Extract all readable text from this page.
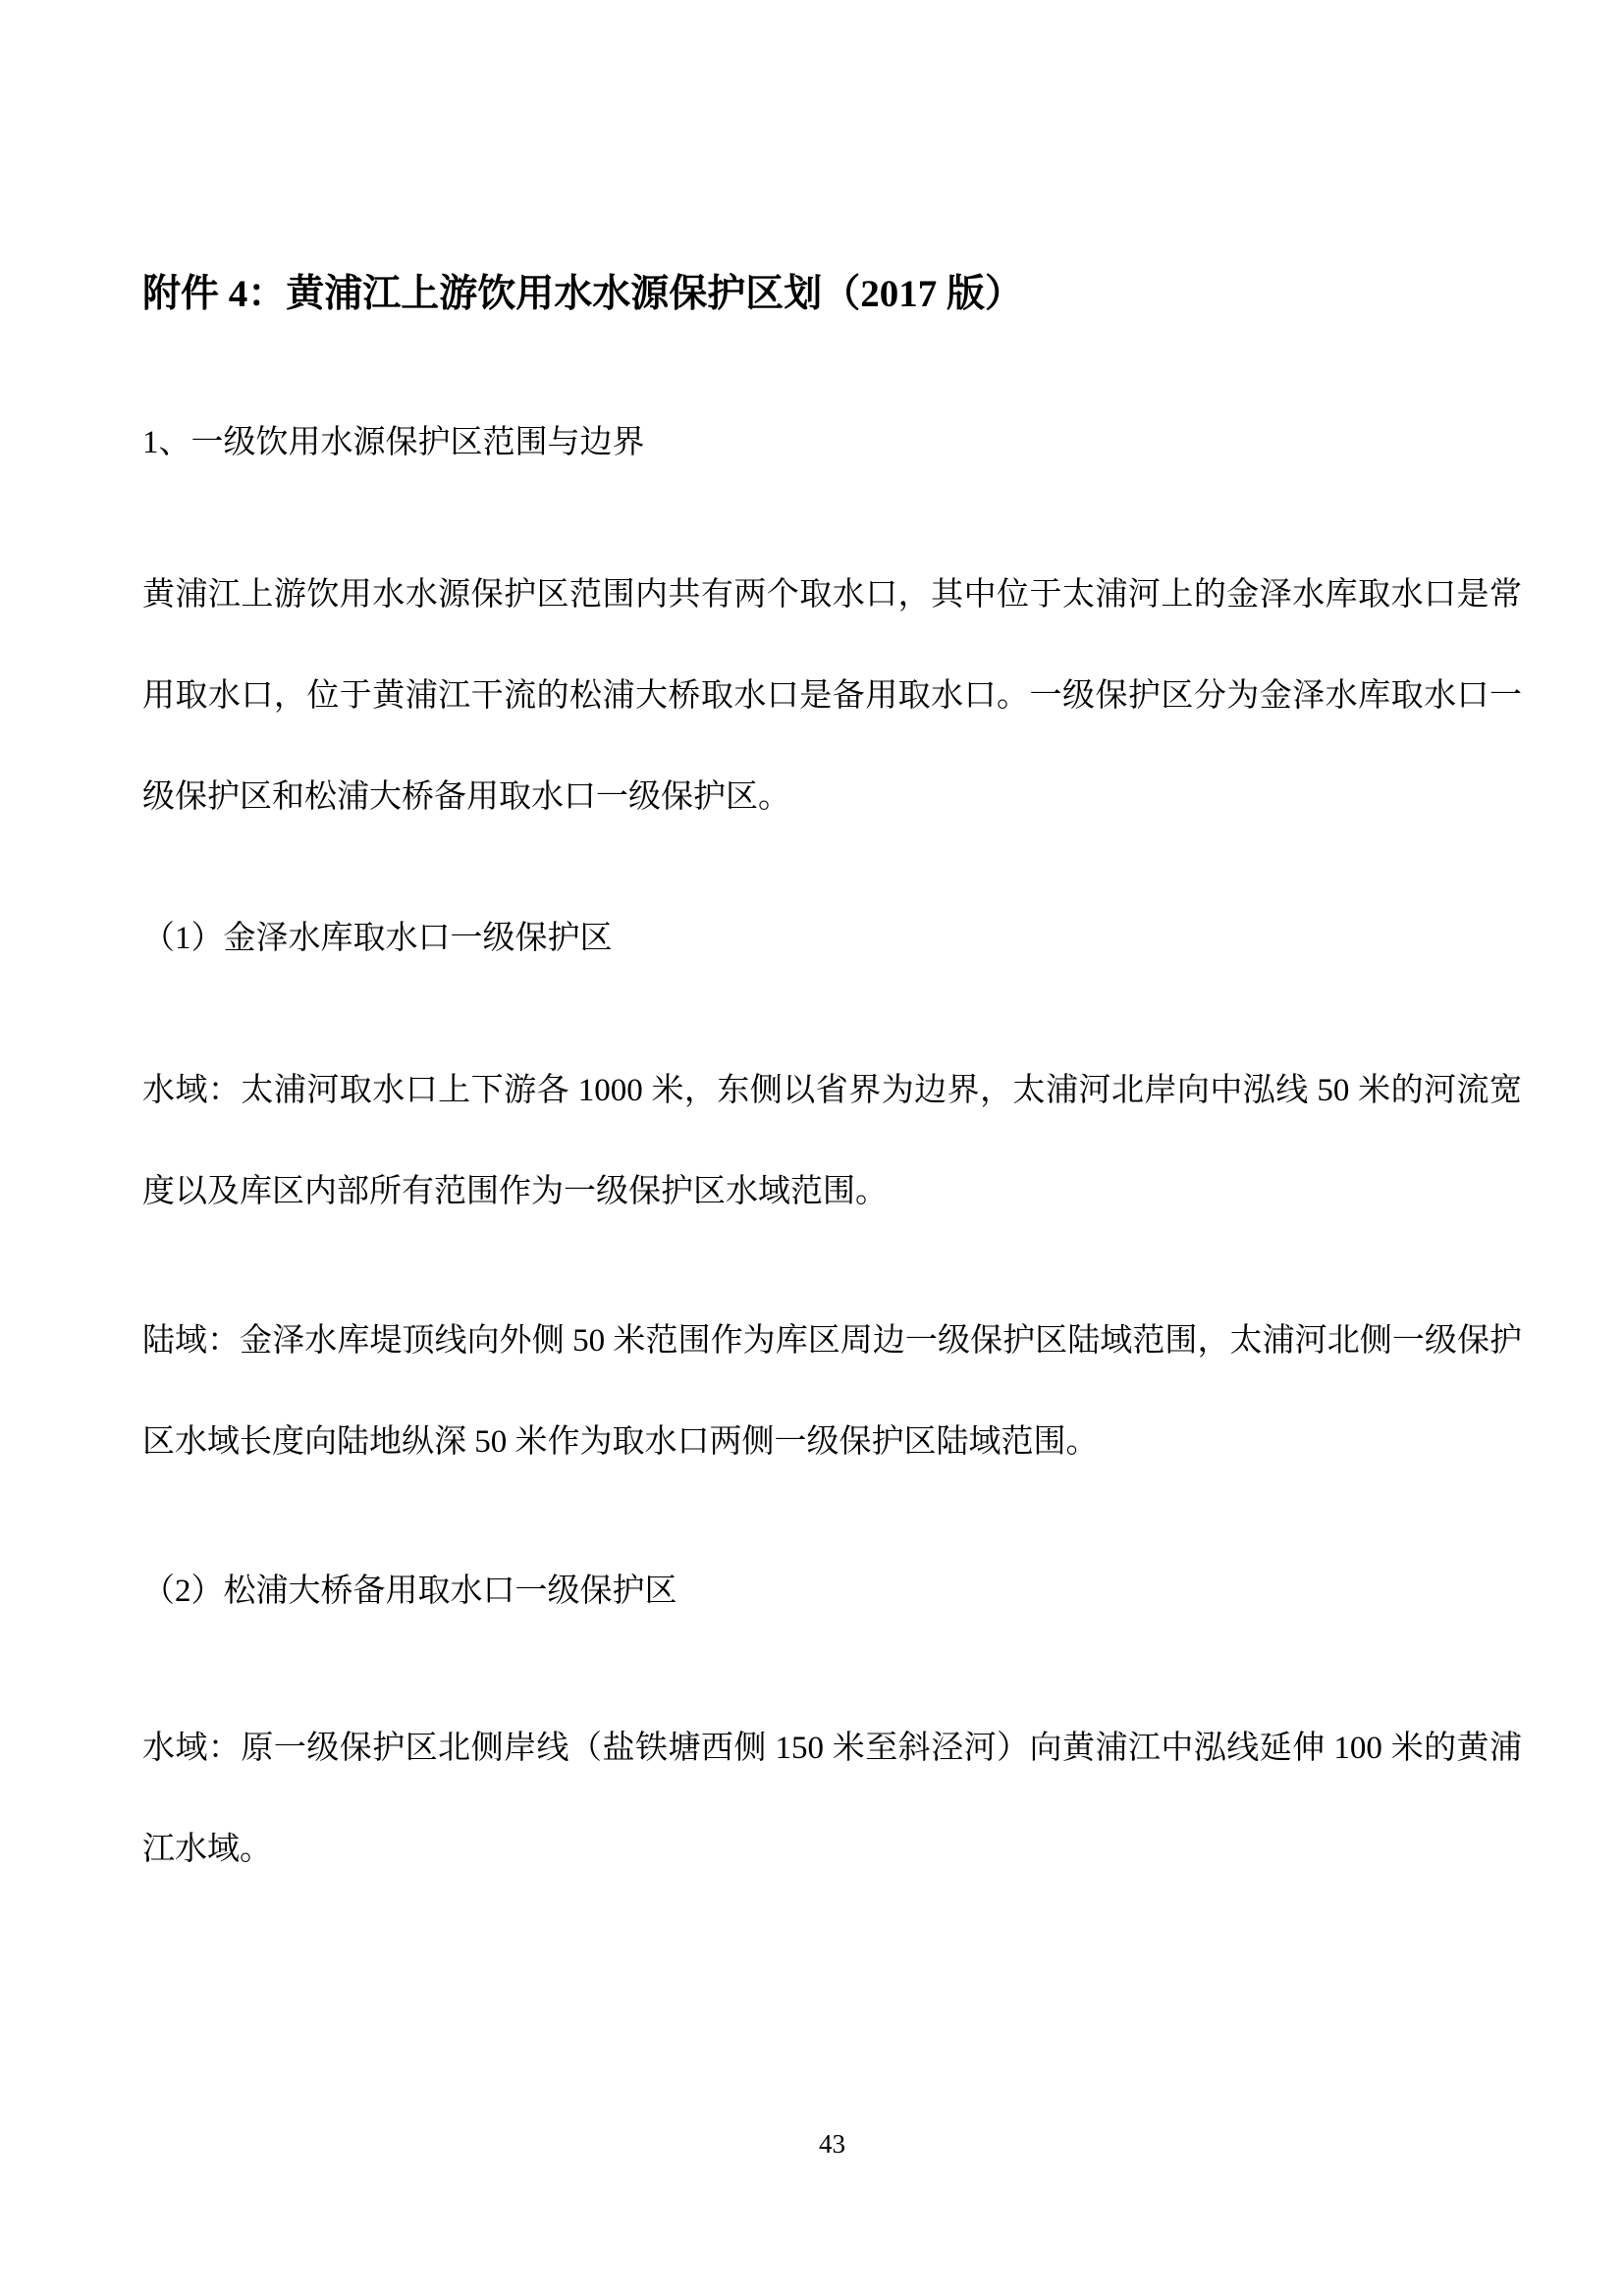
附件 4：黄浦江上游饮用水水源保护区划（2017 版）

1、一级饮用水源保护区范围与边界

黄浦江上游饮用水水源保护区范围内共有两个取水口，其中位于太浦河上的金泽水库取水口是常用取水口，位于黄浦江干流的松浦大桥取水口是备用取水口。一级保护区分为金泽水库取水口一级保护区和松浦大桥备用取水口一级保护区。

（1）金泽水库取水口一级保护区

水域：太浦河取水口上下游各 1000 米，东侧以省界为边界，太浦河北岸向中泓线 50 米的河流宽度以及库区内部所有范围作为一级保护区水域范围。

陆域：金泽水库堤顶线向外侧 50 米范围作为库区周边一级保护区陆域范围，太浦河北侧一级保护区水域长度向陆地纵深 50 米作为取水口两侧一级保护区陆域范围。

（2）松浦大桥备用取水口一级保护区

水域：原一级保护区北侧岸线（盐铁塘西侧 150 米至斜泾河）向黄浦江中泓线延伸 100 米的黄浦江水域。

43
